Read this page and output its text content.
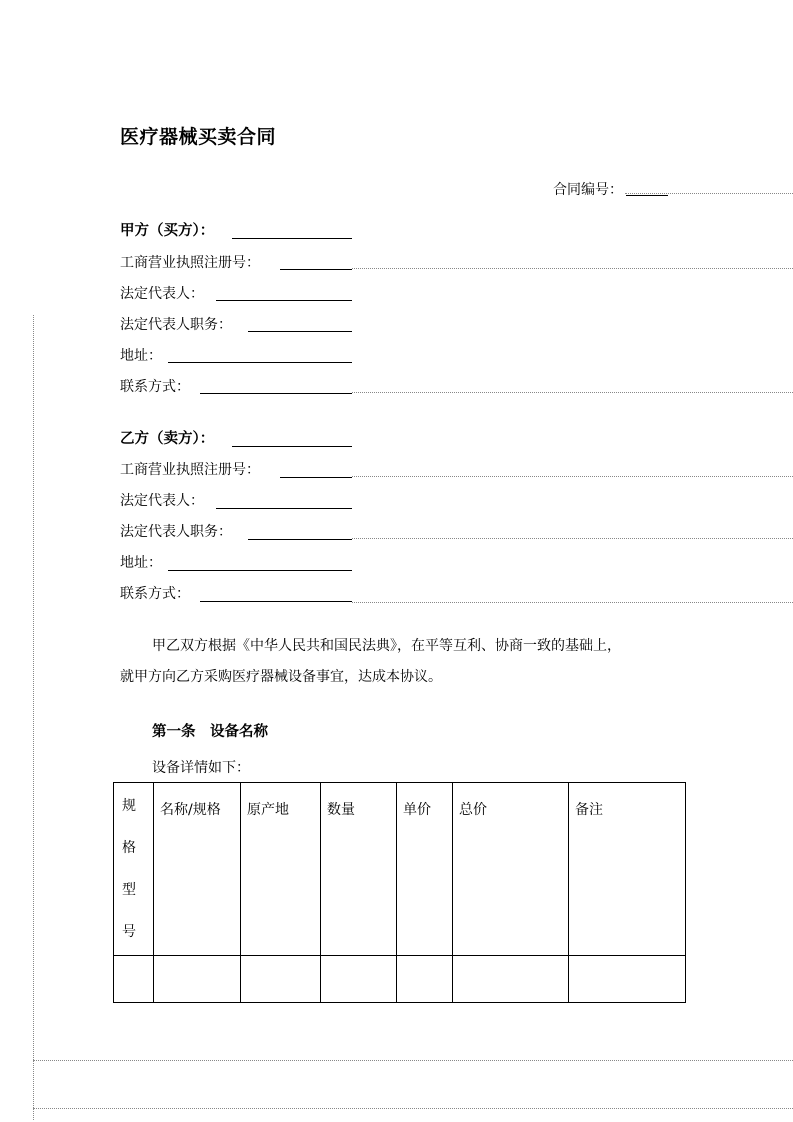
医疗器械买卖合同
合同编号：
甲方（买方）：
工商营业执照注册号：
法定代表人：
法定代表人职务：
地址：
联系方式：
乙方（卖方）：
工商营业执照注册号：
法定代表人：
法定代表人职务：
地址：
联系方式：
甲乙双方根据《中华人民共和国民法典》，在平等互利、协商一致的基础上，
就甲方向乙方采购医疗器械设备事宜，达成本协议。
第一条　设备名称
设备详情如下：
规
格
型
号	名称/规格	原产地	数量	单价	总价	备注
